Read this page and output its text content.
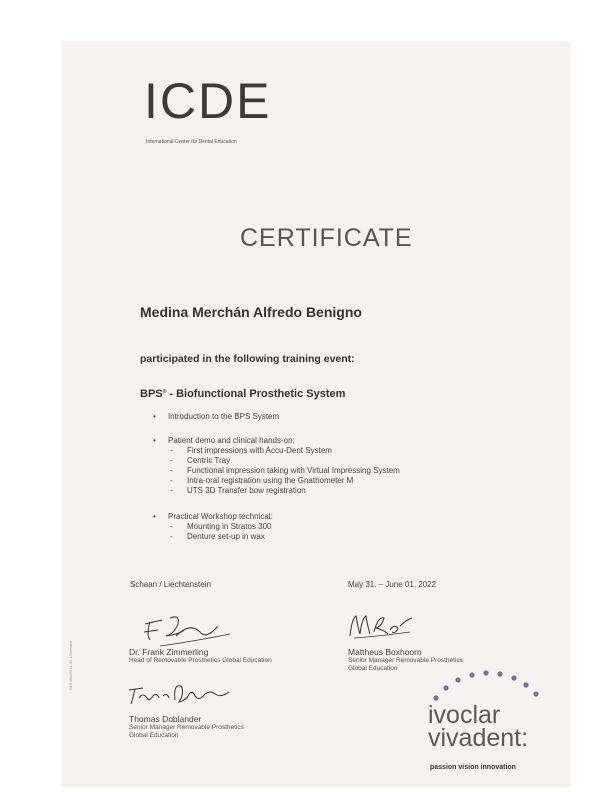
ICDE
International Center für Dental Education
CERTIFICATE
Medina Merchán Alfredo Benigno
participated in the following training event:
BPS® - Biofunctional Prosthetic System
• Introduction to the BPS System
• Patient demo and clinical hands-on:
- First impressions with Accu-Dent System
- Centric Tray
- Functional impression taking with Virtual Impressing System
- Intra-oral registration using the Gnathometer M
- UTS 3D Transfer bow registration
• Practical Workshop technical:
- Mounting in Stratos 300
- Denture set-up in wax
Schaan / Liechtenstein	May 31. – June 01. 2022
Dr. Frank Zimmerling
Head of Removable Prosthetics Global Education
Mattheus Boxhoorn
Senior Manager Removable Prosthetics
Global Education
Thomas Doblander
Senior Manager Removable Prosthetics
Global Education
ivoclar
vivadent:
passion vision innovation
IM/1460/2014-05-13/neutral
